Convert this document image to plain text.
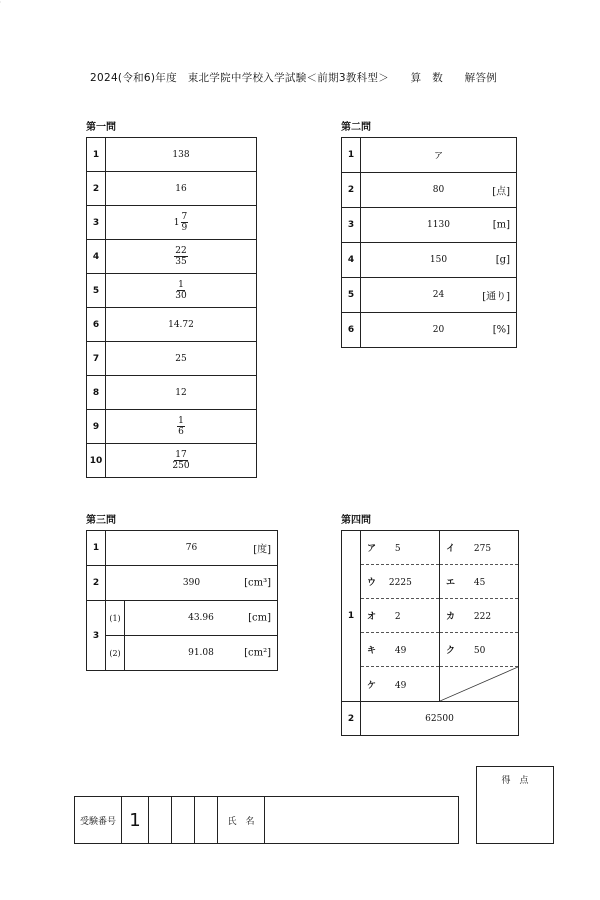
'
2024(令和6)年度　東北学院中学校入学試験＜前期3教科型＞　　算　数　　解答例
第一問
1	138
2	16
3	$1 \frac{7}{9}$

4	$\frac{22}{35}$

5	$\frac{1}{30}$

6	14.72
7	25
8	12
9	$\frac{1}{6}$

10	$\frac{17}{250}$
第二問
1	ア

2	80 [点]

3	1130 [m]

4	150 [g]

5	24 [通り]

6	20 [%]
第三問
1	76 [度]	

2	390 [cm³]	

3	(1)	43.96 [cm]

	(2)	91.08 [cm²]
第四問
1	ア 5	イ 275
	ウ 2225	エ 45
	オ 2	カ 222
	キ 49	ク 50
	ケ 49	

2	62500	
受験番号 1	氏　名
得　点
